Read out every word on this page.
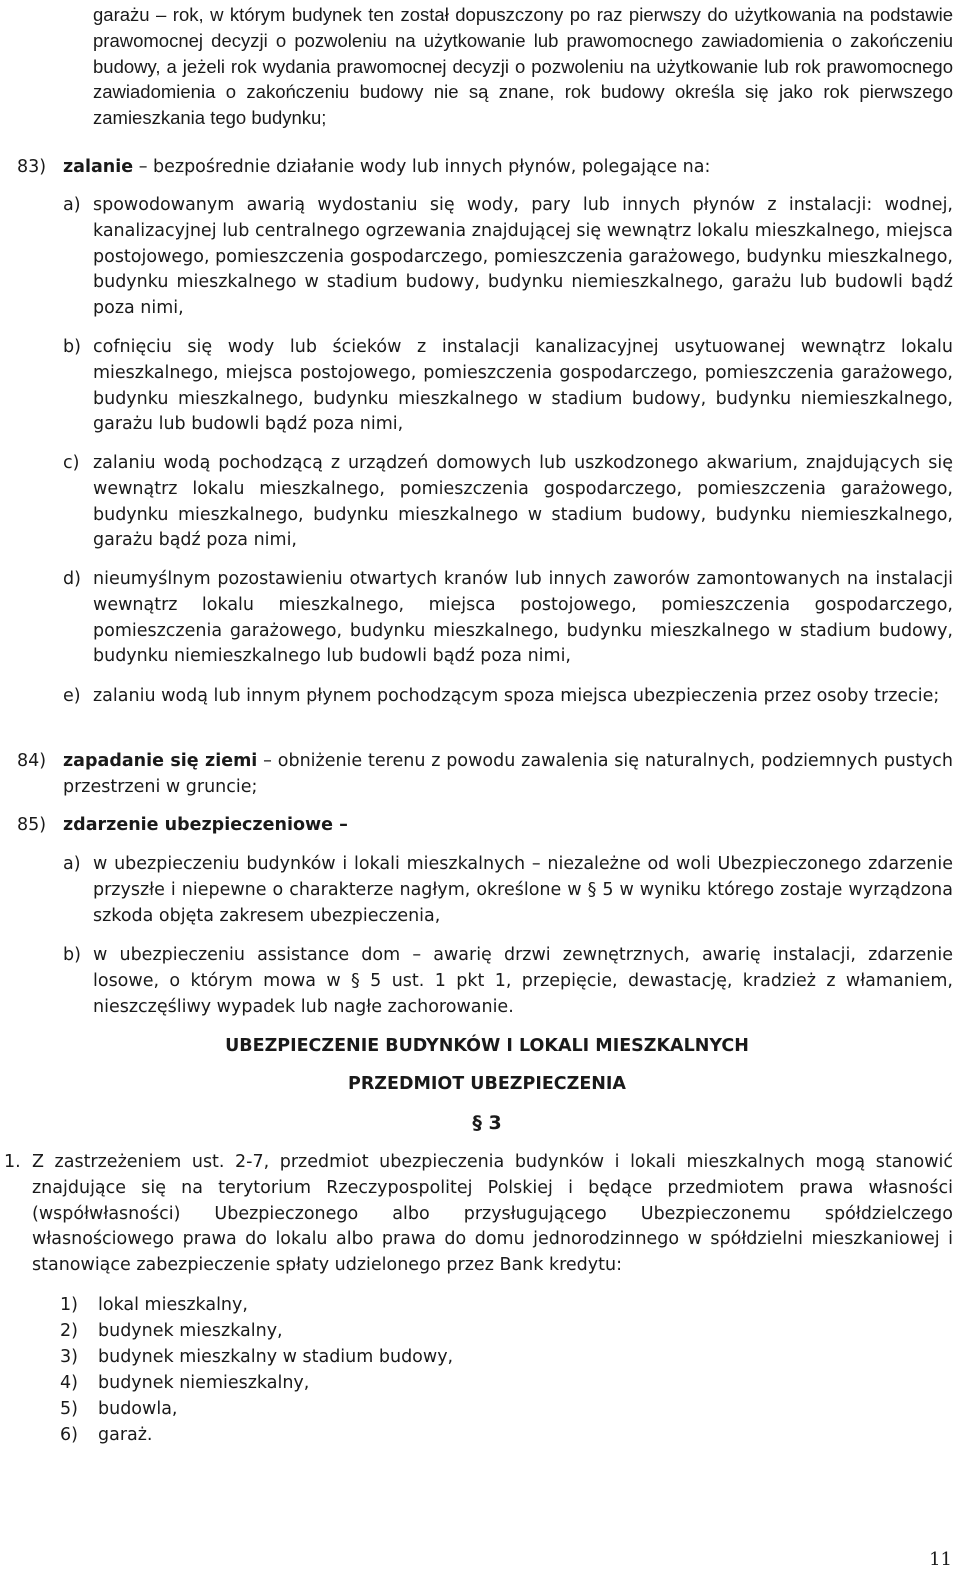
garażu – rok, w którym budynek ten został dopuszczony po raz pierwszy do użytkowania na podstawie prawomocnej decyzji o pozwoleniu na użytkowanie lub prawomocnego zawiadomienia o zakończeniu budowy, a jeżeli rok wydania prawomocnej decyzji o pozwoleniu na użytkowanie lub rok prawomocnego zawiadomienia o zakończeniu budowy nie są znane, rok budowy określa się jako rok pierwszego zamieszkania tego budynku;

83) zalanie – bezpośrednie działanie wody lub innych płynów, polegające na:

a) spowodowanym awarią wydostaniu się wody, pary lub innych płynów z instalacji: wodnej, kanalizacyjnej lub centralnego ogrzewania znajdującej się wewnątrz lokalu mieszkalnego, miejsca postojowego, pomieszczenia gospodarczego, pomieszczenia garażowego, budynku mieszkalnego, budynku mieszkalnego w stadium budowy, budynku niemieszkalnego, garażu lub budowli bądź poza nimi,

b) cofnięciu się wody lub ścieków z instalacji kanalizacyjnej usytuowanej wewnątrz lokalu mieszkalnego, miejsca postojowego, pomieszczenia gospodarczego, pomieszczenia garażowego, budynku mieszkalnego, budynku mieszkalnego w stadium budowy, budynku niemieszkalnego, garażu lub budowli bądź poza nimi,

c) zalaniu wodą pochodzącą z urządzeń domowych lub uszkodzonego akwarium, znajdujących się wewnątrz lokalu mieszkalnego, pomieszczenia gospodarczego, pomieszczenia garażowego, budynku mieszkalnego, budynku mieszkalnego w stadium budowy, budynku niemieszkalnego, garażu bądź poza nimi,

d) nieumyślnym pozostawieniu otwartych kranów lub innych zaworów zamontowanych na instalacji wewnątrz lokalu mieszkalnego, miejsca postojowego, pomieszczenia gospodarczego, pomieszczenia garażowego, budynku mieszkalnego, budynku mieszkalnego w stadium budowy, budynku niemieszkalnego lub budowli bądź poza nimi,

e) zalaniu wodą lub innym płynem pochodzącym spoza miejsca ubezpieczenia przez osoby trzecie;

84) zapadanie się ziemi – obniżenie terenu z powodu zawalenia się naturalnych, podziemnych pustych przestrzeni w gruncie;

85) zdarzenie ubezpieczeniowe –

a) w ubezpieczeniu budynków i lokali mieszkalnych – niezależne od woli Ubezpieczonego zdarzenie przyszłe i niepewne o charakterze nagłym, określone w § 5 w wyniku którego zostaje wyrządzona szkoda objęta zakresem ubezpieczenia,

b) w ubezpieczeniu assistance dom – awarię drzwi zewnętrznych, awarię instalacji, zdarzenie losowe, o którym mowa w § 5 ust. 1 pkt 1, przepięcie, dewastację, kradzież z włamaniem, nieszczęśliwy wypadek lub nagłe zachorowanie.

UBEZPIECZENIE BUDYNKÓW I LOKALI MIESZKALNYCH
PRZEDMIOT UBEZPIECZENIA
§ 3
1. Z zastrzeżeniem ust. 2-7, przedmiot ubezpieczenia budynków i lokali mieszkalnych mogą stanowić znajdujące się na terytorium Rzeczypospolitej Polskiej i będące przedmiotem prawa własności (współwłasności) Ubezpieczonego albo przysługującego Ubezpieczonemu spółdzielczego własnościowego prawa do lokalu albo prawa do domu jednorodzinnego w spółdzielni mieszkaniowej i stanowiące zabezpieczenie spłaty udzielonego przez Bank kredytu:

1) lokal mieszkalny,
2) budynek mieszkalny,
3) budynek mieszkalny w stadium budowy,
4) budynek niemieszkalny,
5) budowla,
6) garaż.
11
